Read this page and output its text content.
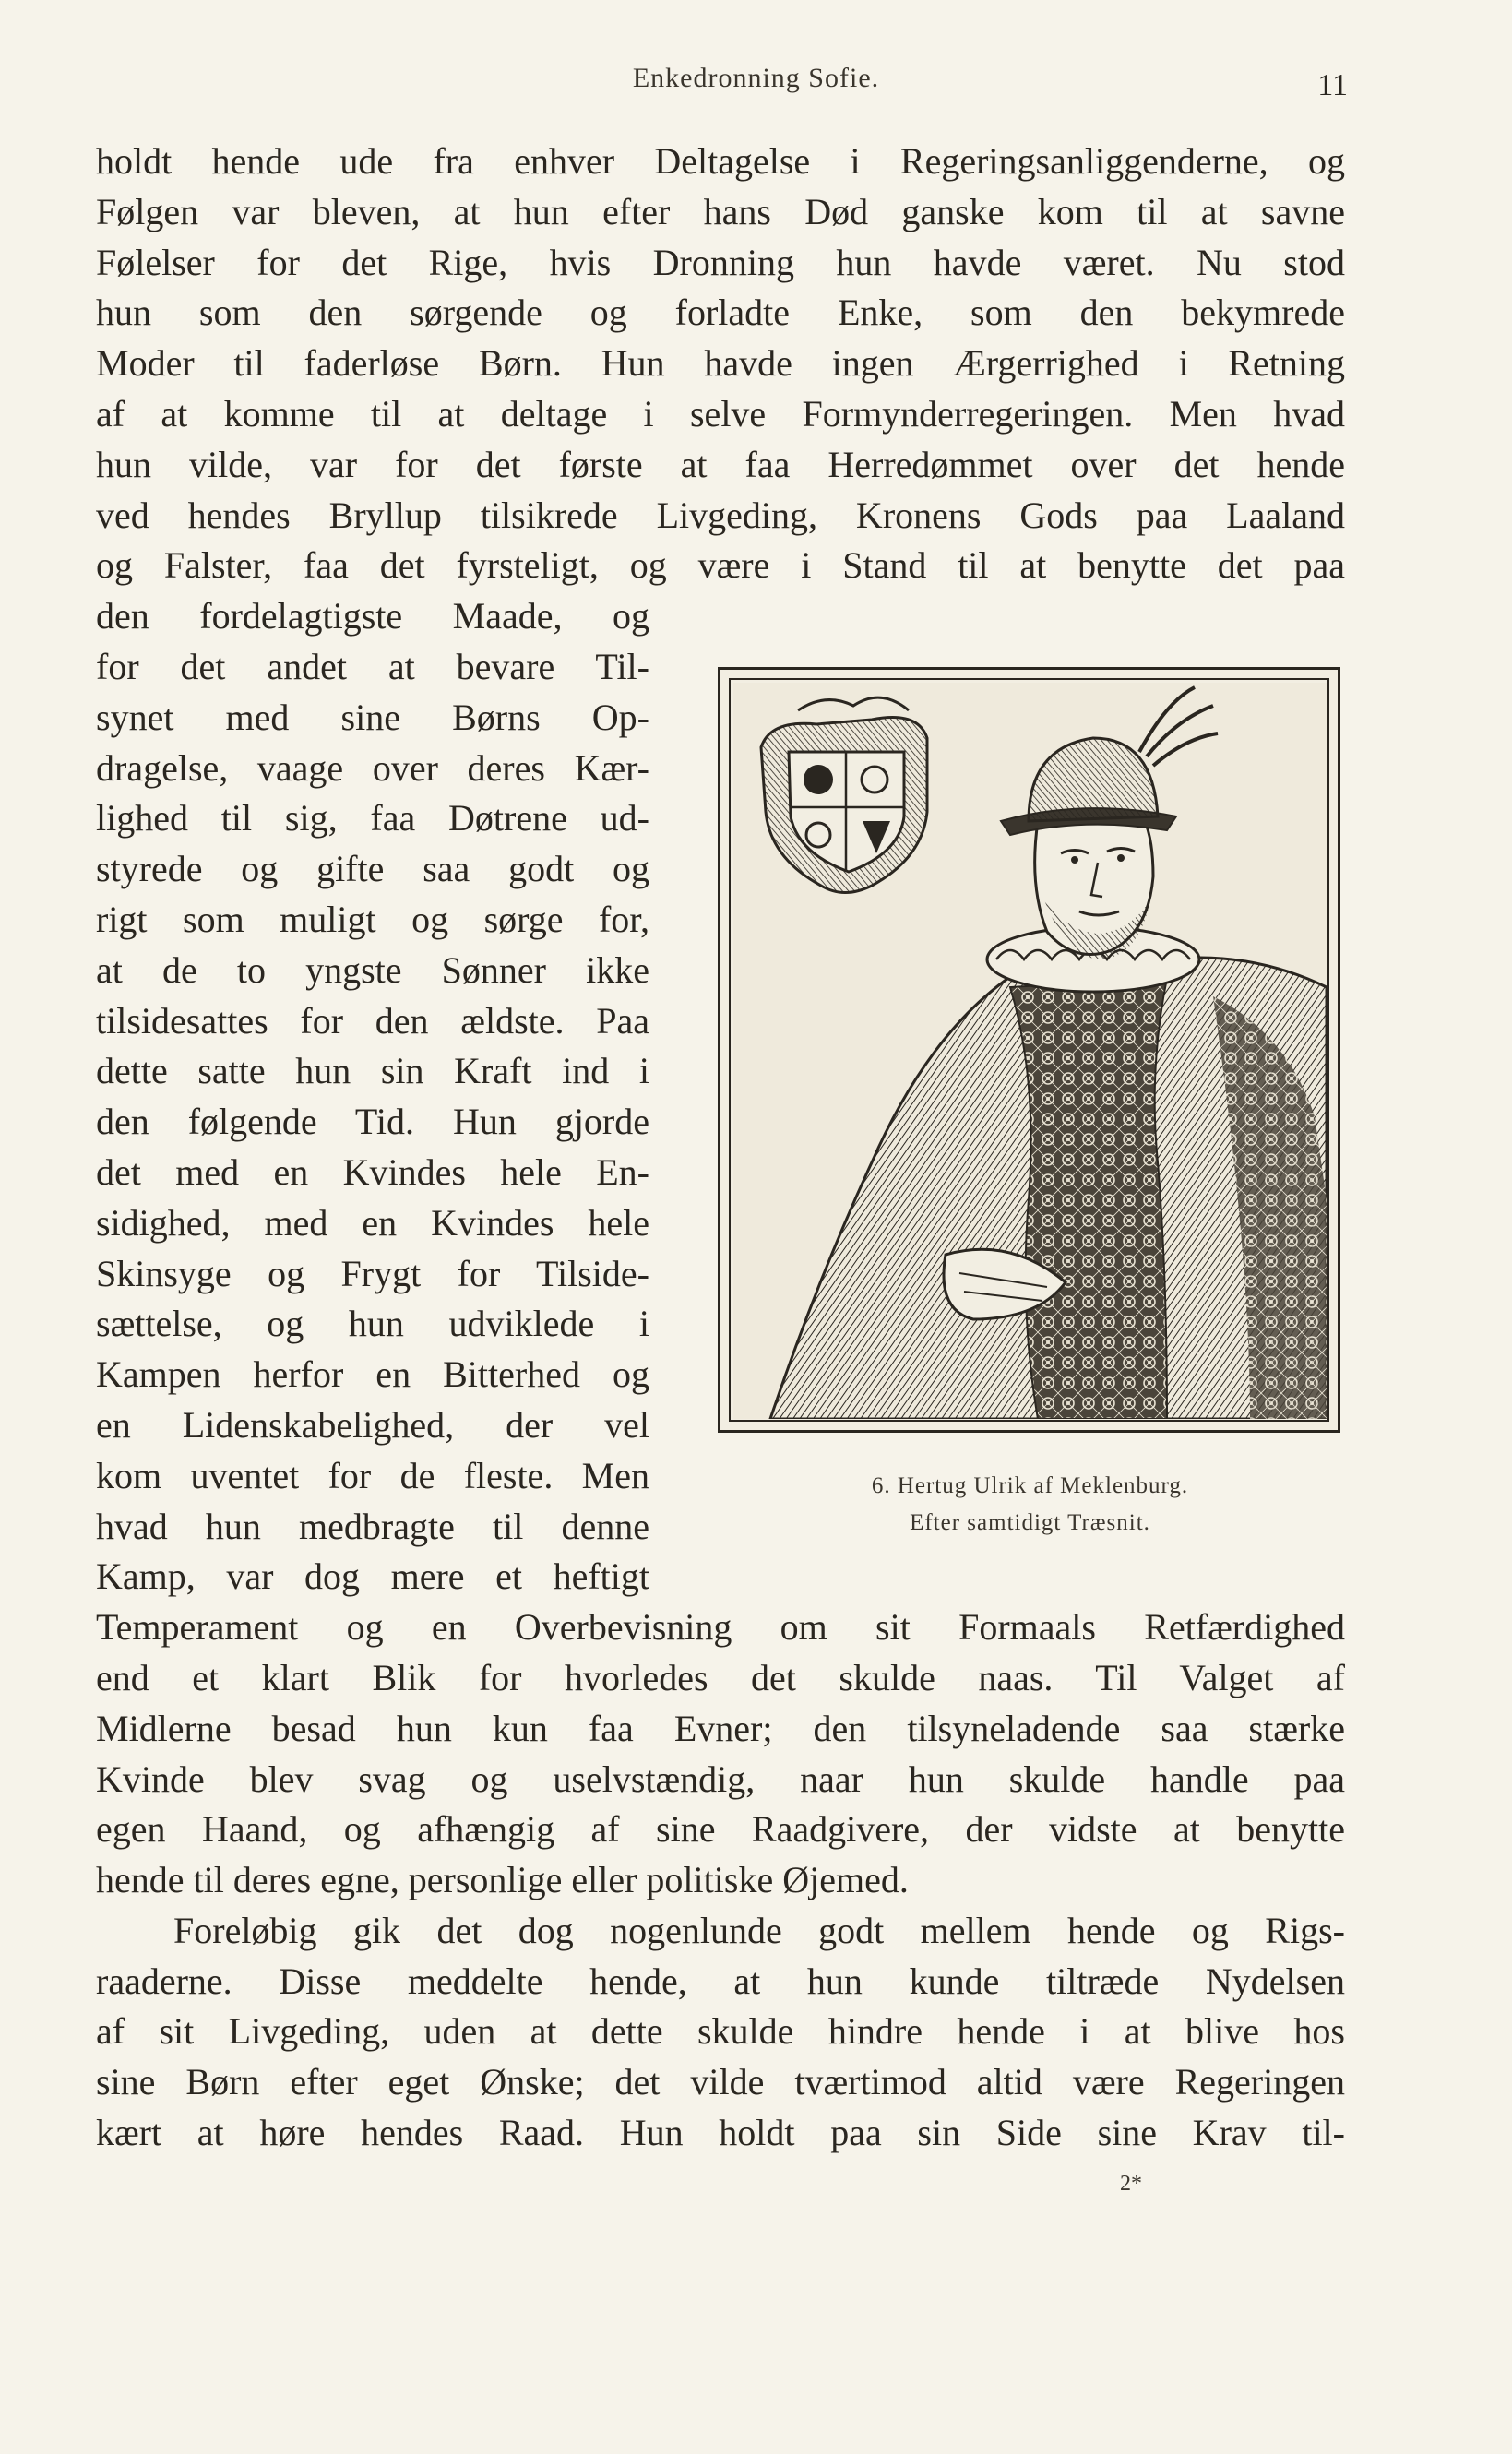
Enkedronning Sofie.	11

holdt hende ude fra enhver Deltagelse i Regeringsanliggenderne, og
Følgen var bleven, at hun efter hans Død ganske kom til at savne
Følelser for det Rige, hvis Dronning hun havde været. Nu stod
hun som den sørgende og forladte Enke, som den bekymrede
Moder til faderløse Børn. Hun havde ingen Ærgerrighed i Retning
af at komme til at deltage i selve Formynderregeringen. Men hvad
hun vilde, var for det første at faa Herredømmet over det hende
ved hendes Bryllup tilsikrede Livgeding, Kronens Gods paa Laaland
og Falster, faa det fyrsteligt, og være i Stand til at benytte det paa
den fordelagtigste Maade, og
for det andet at bevare Til-
synet med sine Børns Op-
dragelse, vaage over deres Kær-
lighed til sig, faa Døtrene ud-
styrede og gifte saa godt og
rigt som muligt og sørge for,
at de to yngste Sønner ikke
tilsidesattes for den ældste. Paa
dette satte hun sin Kraft ind i
den følgende Tid. Hun gjorde
det med en Kvindes hele En-
sidighed, med en Kvindes hele
Skinsyge og Frygt for Tilside-
sættelse, og hun udviklede i
Kampen herfor en Bitterhed og
en Lidenskabelighed, der vel
kom uventet for de fleste. Men
hvad hun medbragte til denne
Kamp, var dog mere et heftigt
Temperament og en Overbevisning om sit Formaals Retfærdighed
end et klart Blik for hvorledes det skulde naas. Til Valget af
Midlerne besad hun kun faa Evner; den tilsyneladende saa stærke
Kvinde blev svag og uselvstændig, naar hun skulde handle paa
egen Haand, og afhængig af sine Raadgivere, der vidste at benytte
hende til deres egne, personlige eller politiske Øjemed.

Foreløbig gik det dog nogenlunde godt mellem hende og Rigs-
raaderne. Disse meddelte hende, at hun kunde tiltræde Nydelsen
af sit Livgeding, uden at dette skulde hindre hende i at blive hos
sine Børn efter eget Ønske; det vilde tværtimod altid være Regeringen
kært at høre hendes Raad. Hun holdt paa sin Side sine Krav til-

6. Hertug Ulrik af Meklenburg.
Efter samtidigt Træsnit.
2*
